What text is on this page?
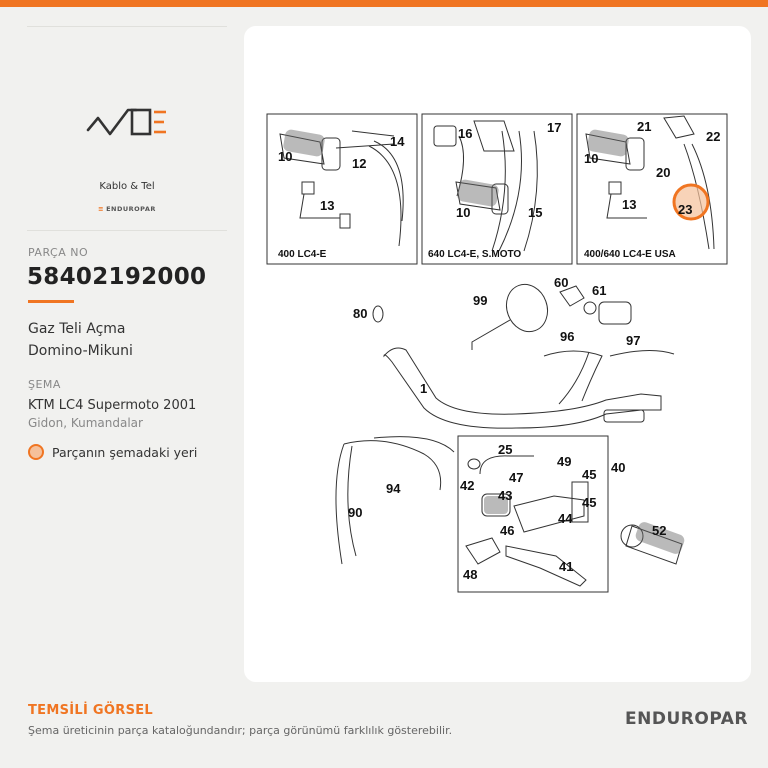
Kablo & Tel
≡ ENDUROPAR
PARÇA NO
58402192000
Gaz Teli Açma
Domino-Mikuni
ŞEMA
KTM LC4 Supermoto 2001
Gidon, Kumandalar
Parçanın şemadaki yeri
400 LC4-E	640 LC4-E, S.MOTO	400/640 LC4-E USA
10	12
13
14
16	17
10	15
21
22
10
20
13	23
80
99
60
61
96	97
1
25
49
47	45
42
43
44
45
46
40
94
90
52
48
41
TEMSİLİ GÖRSEL
Şema üreticinin parça kataloğundandır; parça görünümü farklılık gösterebilir.
ENDUROPAR
